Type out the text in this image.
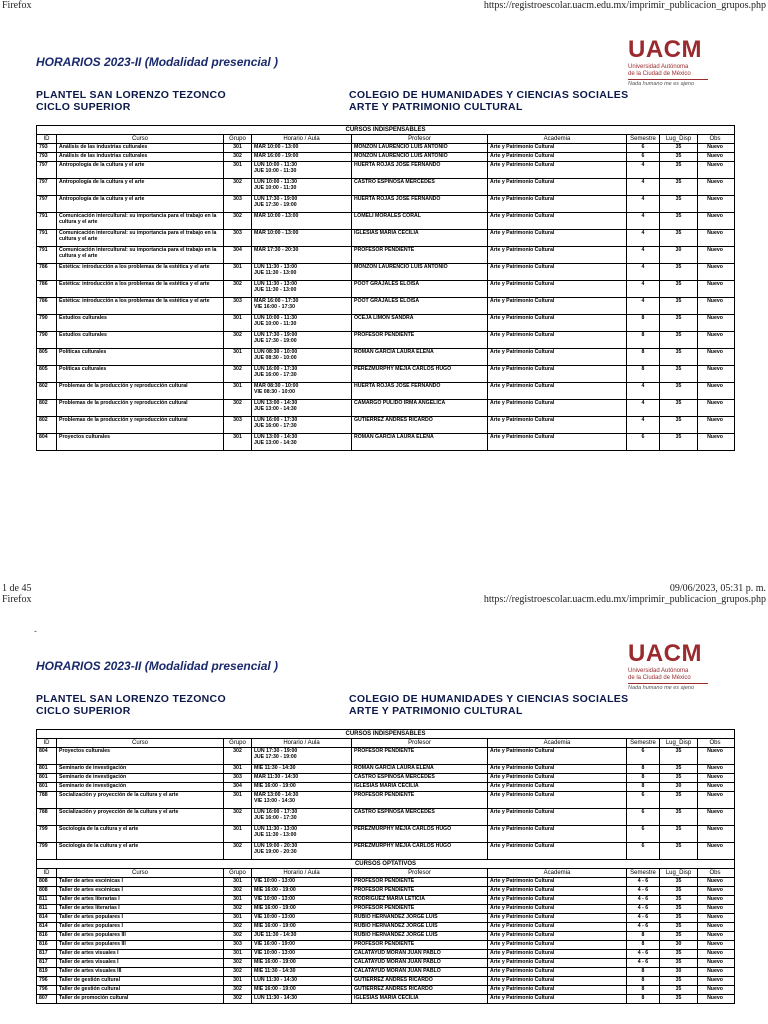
Firefox	https://registroescolar.uacm.edu.mx/imprimir_publicacion_grupos.php
HORARIOS 2023-II (Modalidad presencial )	UACM
Universidad Autónoma
de la Ciudad de México
Nada humano me es ajeno
PLANTEL SAN LORENZO TEZONCO
CICLO SUPERIOR
COLEGIO DE HUMANIDADES Y CIENCIAS SOCIALES
ARTE Y PATRIMONIO CULTURAL
CURSOS INDISPENSABLES
ID	Curso	Grupo	Horario / Aula	Profesor	Academia	Semestre	Lug_Disp	Obs
793	Análisis de las industrias culturales	301	MAR 10:00 - 13:00	MONZON LAURENCIO LUIS ANTONIO	Arte y Patrimonio Cultural	6	35	Nuevo
793	Análisis de las industrias culturales	302	MAR 16:00 - 19:00	MONZON LAURENCIO LUIS ANTONIO	Arte y Patrimonio Cultural	6	35	Nuevo
797	Antropología de la cultura y el arte	301	LUN 10:00 - 11:30
JUE 10:00 - 11:30
HUERTA ROJAS JOSE FERNANDO	Arte y Patrimonio Cultural	4	35	Nuevo
797	Antropología de la cultura y el arte	302	LUN 10:00 - 11:30
JUE 10:00 - 11:30
CASTRO ESPINOSA MERCEDES	Arte y Patrimonio Cultural	4	35	Nuevo
797	Antropología de la cultura y el arte	303	LUN 17:30 - 19:00
JUE 17:30 - 19:00
HUERTA ROJAS JOSE FERNANDO	Arte y Patrimonio Cultural	4	35	Nuevo
791	Comunicación intercultural: su importancia para el trabajo en la cultura y el arte
302	MAR 10:00 - 13:00	LOMELI MORALES CORAL	Arte y Patrimonio Cultural	4	35	Nuevo
791	Comunicación intercultural: su importancia para el trabajo en la cultura y el arte
303	MAR 10:00 - 13:00	IGLESIAS MARIA CECILIA	Arte y Patrimonio Cultural	4	35	Nuevo
791	Comunicación intercultural: su importancia para el trabajo en la cultura y el arte
304	MAR 17:30 - 20:30	PROFESOR PENDIENTE	Arte y Patrimonio Cultural	4	30	Nuevo
786	Estética: introducción a los problemas de la estética y el arte	301	LUN 11:30 - 13:00
JUE 11:30 - 13:00
MONZON LAURENCIO LUIS ANTONIO	Arte y Patrimonio Cultural	4	35	Nuevo
786	Estética: introducción a los problemas de la estética y el arte	302	LUN 11:30 - 13:00
JUE 11:30 - 13:00
POOT GRAJALES ELOISA	Arte y Patrimonio Cultural	4	35	Nuevo
786	Estética: introducción a los problemas de la estética y el arte	303	MAR 16:00 - 17:30
VIE 16:00 - 17:30
POOT GRAJALES ELOISA	Arte y Patrimonio Cultural	4	35	Nuevo
790	Estudios culturales	301	LUN 10:00 - 11:30
JUE 10:00 - 11:30
OCEJA LIMON SANDRA	Arte y Patrimonio Cultural	8	35	Nuevo
790	Estudios culturales	302	LUN 17:30 - 19:00
JUE 17:30 - 19:00
PROFESOR PENDIENTE	Arte y Patrimonio Cultural	8	35	Nuevo
805	Políticas culturales	301	LUN 08:30 - 10:00
JUE 08:30 - 10:00
ROMAN GARCIA LAURA ELENA	Arte y Patrimonio Cultural	8	35	Nuevo
805	Políticas culturales	302	LUN 16:00 - 17:30
JUE 16:00 - 17:30
PEREZMURPHY MEJIA CARLOS HUGO	Arte y Patrimonio Cultural	8	35	Nuevo
802	Problemas de la producción y reproducción cultural	301	MAR 08:30 - 10:00
VIE 08:30 - 10:00
HUERTA ROJAS JOSE FERNANDO	Arte y Patrimonio Cultural	4	35	Nuevo
802	Problemas de la producción y reproducción cultural	302	LUN 13:00 - 14:30
JUE 13:00 - 14:30
CAMARGO PULIDO IRMA ANGELICA	Arte y Patrimonio Cultural	4	35	Nuevo
802	Problemas de la producción y reproducción cultural	303	LUN 16:00 - 17:30
JUE 16:00 - 17:30
GUTIERREZ ANDRES RICARDO	Arte y Patrimonio Cultural	4	35	Nuevo
804	Proyectos culturales	301	LUN 13:00 - 14:30
JUE 13:00 - 14:30
ROMAN GARCIA LAURA ELENA	Arte y Patrimonio Cultural	6	35	Nuevo
1 de 45	09/06/2023, 05:31 p. m.
Firefox	https://registroescolar.uacm.edu.mx/imprimir_publicacion_grupos.php
-
HORARIOS 2023-II (Modalidad presencial )	UACM
Universidad Autónoma
de la Ciudad de México
Nada humano me es ajeno
PLANTEL SAN LORENZO TEZONCO
CICLO SUPERIOR
COLEGIO DE HUMANIDADES Y CIENCIAS SOCIALES
ARTE Y PATRIMONIO CULTURAL
CURSOS INDISPENSABLES
ID	Curso	Grupo	Horario / Aula	Profesor	Academia	Semestre	Lug_Disp	Obs
804	Proyectos culturales	302	LUN 17:30 - 19:00
JUE 17:30 - 19:00
PROFESOR PENDIENTE	Arte y Patrimonio Cultural	6	35	Nuevo
801	Seminario de investigación	301	MIE 11:30 - 14:30	ROMAN GARCIA LAURA ELENA	Arte y Patrimonio Cultural	8	35	Nuevo
801	Seminario de investigación	303	MAR 11:30 - 14:30	CASTRO ESPINOSA MERCEDES	Arte y Patrimonio Cultural	8	35	Nuevo
801	Seminario de investigación	304	MIE 16:00 - 19:00	IGLESIAS MARIA CECILIA	Arte y Patrimonio Cultural	8	30	Nuevo
788	Socialización y proyección de la cultura y el arte	301	MAR 13:00 - 14:30
VIE 13:00 - 14:30
PROFESOR PENDIENTE	Arte y Patrimonio Cultural	6	35	Nuevo
788	Socialización y proyección de la cultura y el arte	302	LUN 16:00 - 17:30
JUE 16:00 - 17:30
CASTRO ESPINOSA MERCEDES	Arte y Patrimonio Cultural	6	35	Nuevo
799	Sociología de la cultura y el arte	301	LUN 11:30 - 13:00
JUE 11:30 - 13:00
PEREZMURPHY MEJIA CARLOS HUGO	Arte y Patrimonio Cultural	6	35	Nuevo
799	Sociología de la cultura y el arte	302	LUN 19:00 - 20:30
JUE 19:00 - 20:30
PEREZMURPHY MEJIA CARLOS HUGO	Arte y Patrimonio Cultural	6	35	Nuevo
CURSOS OPTATIVOS
ID	Curso	Grupo	Horario / Aula	Profesor	Academia	Semestre	Lug_Disp	Obs
808	Taller de artes escénicas I	301	VIE 10:00 - 13:00	PROFESOR PENDIENTE	Arte y Patrimonio Cultural	4 - 6	35	Nuevo
808	Taller de artes escénicas I	302	MIE 16:00 - 19:00	PROFESOR PENDIENTE	Arte y Patrimonio Cultural	4 - 6	35	Nuevo
811	Taller de artes literarias I	301	VIE 10:00 - 13:00	RODRIGUEZ MARIA LETICIA	Arte y Patrimonio Cultural	4 - 6	35	Nuevo
811	Taller de artes literarias I	302	MIE 16:00 - 19:00	PROFESOR PENDIENTE	Arte y Patrimonio Cultural	4 - 6	35	Nuevo
814	Taller de artes populares I	301	VIE 10:00 - 13:00	RUBIO HERNANDEZ JORGE LUIS	Arte y Patrimonio Cultural	4 - 6	35	Nuevo
814	Taller de artes populares I	302	MIE 16:00 - 19:00	RUBIO HERNANDEZ JORGE LUIS	Arte y Patrimonio Cultural	4 - 6	35	Nuevo
816	Taller de artes populares III	302	JUE 11:30 - 14:30	RUBIO HERNANDEZ JORGE LUIS	Arte y Patrimonio Cultural	8	35	Nuevo
816	Taller de artes populares III	303	VIE 16:00 - 19:00	PROFESOR PENDIENTE	Arte y Patrimonio Cultural	8	30	Nuevo
817	Taller de artes visuales I	301	VIE 10:00 - 13:00	CALATAYUD MORAN JUAN PABLO	Arte y Patrimonio Cultural	4 - 6	35	Nuevo
817	Taller de artes visuales I	302	MIE 16:00 - 19:00	CALATAYUD MORAN JUAN PABLO	Arte y Patrimonio Cultural	4 - 6	35	Nuevo
819	Taller de artes visuales III	302	MIE 11:30 - 14:30	CALATAYUD MORAN JUAN PABLO	Arte y Patrimonio Cultural	8	30	Nuevo
796	Taller de gestión cultural	301	LUN 11:30 - 14:30	GUTIERREZ ANDRES RICARDO	Arte y Patrimonio Cultural	8	35	Nuevo
796	Taller de gestión cultural	302	MIE 16:00 - 19:00	GUTIERREZ ANDRES RICARDO	Arte y Patrimonio Cultural	8	35	Nuevo
807	Taller de promoción cultural	302	LUN 11:30 - 14:30	IGLESIAS MARIA CECILIA	Arte y Patrimonio Cultural	8	35	Nuevo
